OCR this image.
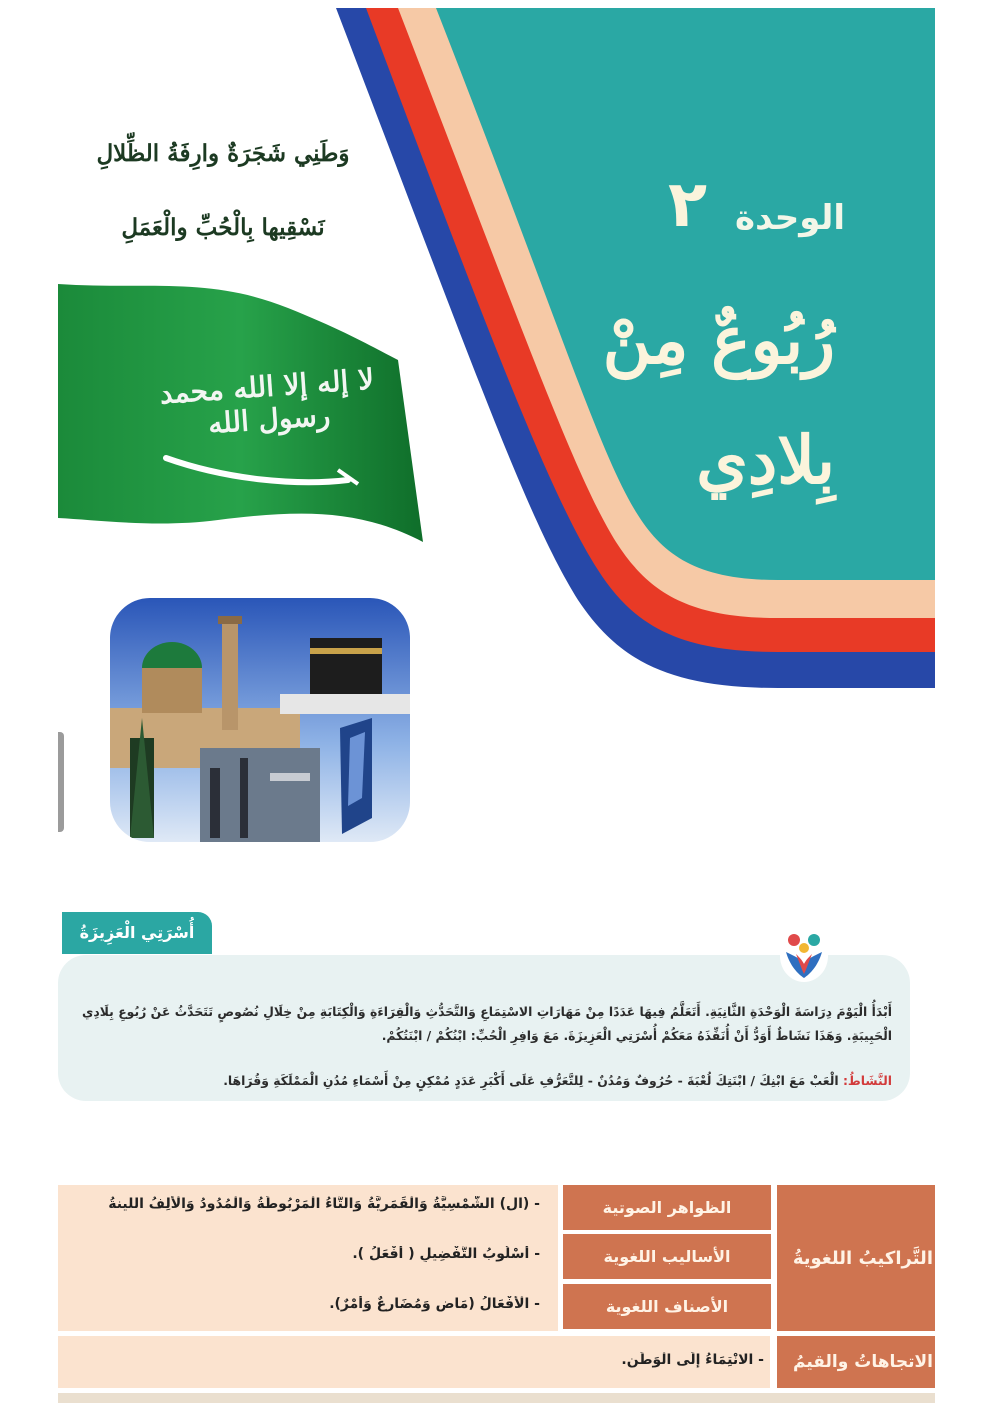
الوحدة
٢
رُبُوعٌ مِنْ
بِلادِي
وَطَنِي شَجَرَةٌ وارِفَةُ الظِّلالِ
نَسْقِيها بِالْحُبِّ والْعَمَلِ
لا إله إلا الله محمد رسول الله
أُسْرَتِي الْعَزِيزَةُ
أَبْدَأُ الْيَوْمَ دِرَاسَةَ الْوَحْدَةِ الثَّانِيَةِ. أَتَعَلَّمُ فِيهَا عَدَدًا مِنْ مَهَارَاتِ الاسْتِمَاعِ وَالتَّحَدُّثِ وَالْقِرَاءَةِ وَالْكِتَابَةِ مِنْ خِلَالِ نُصُوصٍ تَتَحَدَّثُ عَنْ رُبُوعِ بِلَادِي الْحَبِيبَةِ. وَهَذَا نَشَاطٌ أَوَدُّ أَنْ أُنَفِّذَهُ مَعَكُمْ أُسْرَتِي الْعَزِيزَةَ. مَعَ وَافِرِ الْحُبِّ: ابْنُكُمْ / ابْنَتُكُمْ.
النَّشَاطُ: الْعَبْ مَعَ ابْنِكَ / ابْنَتِكَ لُعْبَةَ - حُرُوفٌ وَمُدُنٌ - لِلتَّعَرُّفِ عَلَى أَكْبَرِ عَدَدٍ مُمْكِنٍ مِنْ أَسْمَاءِ مُدُنِ الْمَمْلَكَةِ وَقُرَاهَا.
التَّراكيبُ اللغويةُ
الظواهر الصوتية
الأساليب اللغوية
الأصناف اللغوية
- (ال) الشَّمْسِيَّةُ وَالْقَمَرِيَّةُ وَالتَّاءُ الْمَرْبُوطَةُ وَالْمُدُودُ وَالْأَلِفُ اللينةُ
- أُسْلُوبُ التَّفْضِيلِ ( أَفْعَلُ ).
- الْأَفْعَالُ (مَاضٍ وَمُضَارِعٌ وَأَمْرٌ).
الاتجاهاتُ والقيمُ
- الانْتِمَاءُ إِلَى الْوَطَنِ.
